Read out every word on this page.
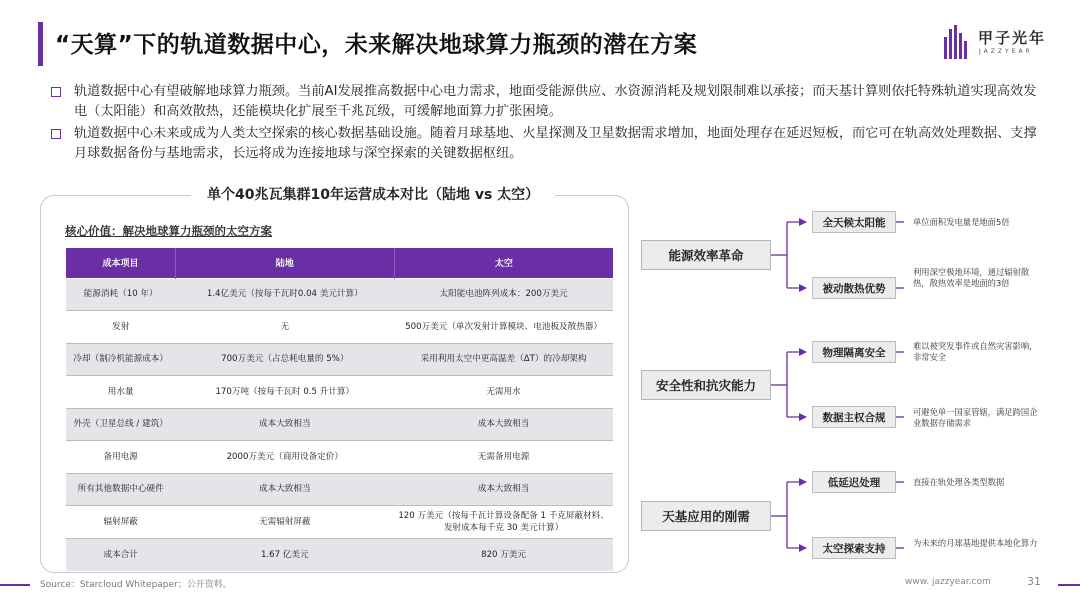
“天算”下的轨道数据中心，未来解决地球算力瓶颈的潜在方案	甲子光年
JAZZYEAR
轨道数据中心有望破解地球算力瓶颈。当前AI发展推高数据中心电力需求，地面受能源供应、水资源消耗及规划限制难以承接；而天基计算则依托特殊轨道实现高效发电（太阳能）和高效散热，还能模块化扩展至千兆瓦级，可缓解地面算力扩张困境。
轨道数据中心未来或成为人类太空探索的核心数据基础设施。随着月球基地、火星探测及卫星数据需求增加，地面处理存在延迟短板，而它可在轨高效处理数据、支撑月球数据备份与基地需求，长远将成为连接地球与深空探索的关键数据枢纽。
单个40兆瓦集群10年运营成本对比（陆地 vs 太空）
核心价值：解决地球算力瓶颈的太空方案
成本项目	陆地	太空
能源消耗（10 年）	1.4亿美元（按每千瓦时0.04 美元计算）	太阳能电池阵列成本：200万美元
发射	无	500万美元（单次发射计算模块、电池板及散热器）
冷却（制冷机能源成本）	700万美元（占总耗电量的 5%）	采用利用太空中更高温差（ΔT）的冷却架构
用水量	170万吨（按每千瓦时 0.5 升计算）	无需用水
外壳（卫星总线 / 建筑）	成本大致相当	成本大致相当
备用电源	2000万美元（商用设备定价）	无需备用电源
所有其他数据中心硬件	成本大致相当	成本大致相当
辐射屏蔽	无需辐射屏蔽	120 万美元（按每千瓦计算设备配备 1 千克屏蔽材料、发射成本每千克 30 美元计算）
成本合计	1.67 亿美元	820 万美元
能源效率革命
安全性和抗灾能力
天基应用的刚需
全天候太阳能
被动散热优势
物理隔离安全
数据主权合规
低延迟处理
太空探索支持
单位面积发电量是地面5倍
利用深空极地环境，通过辐射散热，散热效率是地面的3倍
难以被突发事件或自然灾害影响，非常安全
可避免单一国家管辖，满足跨国企业数据存储需求
直接在轨处理各类型数据
为未来的月球基地提供本地化算力
Source：Starcloud Whitepaper；公开资料。	www. jazzyear.com	31
